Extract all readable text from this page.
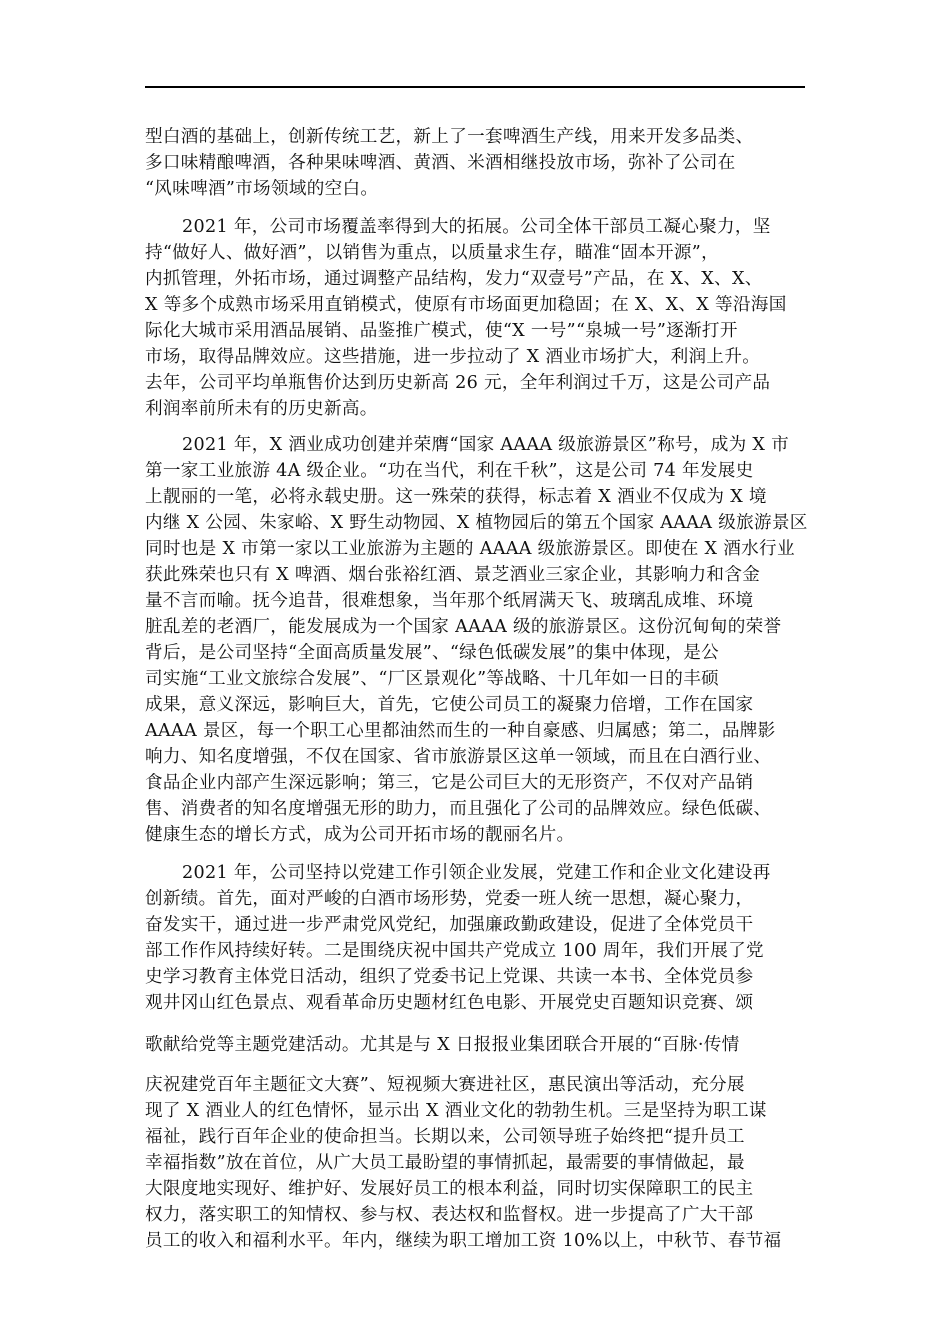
型白酒的基础上，创新传统工艺，新上了一套啤酒生产线，用来开发多品类、
多口味精酿啤酒，各种果味啤酒、黄酒、米酒相继投放市场，弥补了公司在
“风味啤酒”市场领域的空白。
2021 年，公司市场覆盖率得到大的拓展。公司全体干部员工凝心聚力，坚
持“做好人、做好酒”，以销售为重点，以质量求生存，瞄准“固本开源”，
内抓管理，外拓市场，通过调整产品结构，发力“双壹号”产品，在 X、X、X、
X 等多个成熟市场采用直销模式，使原有市场面更加稳固；在 X、X、X 等沿海国
际化大城市采用酒品展销、品鉴推广模式，使“X 一号”“泉城一号”逐渐打开
市场，取得品牌效应。这些措施，进一步拉动了 X 酒业市场扩大，利润上升。
去年，公司平均单瓶售价达到历史新高 26 元，全年利润过千万，这是公司产品
利润率前所未有的历史新高。
2021 年，X 酒业成功创建并荣膺“国家 AAAA 级旅游景区”称号，成为 X 市
第一家工业旅游 4A 级企业。“功在当代，利在千秋”，这是公司 74 年发展史
上靓丽的一笔，必将永载史册。这一殊荣的获得，标志着 X 酒业不仅成为 X 境
内继 X 公园、朱家峪、X 野生动物园、X 植物园后的第五个国家 AAAA 级旅游景区
同时也是 X 市第一家以工业旅游为主题的 AAAA 级旅游景区。即使在 X 酒水行业
获此殊荣也只有 X 啤酒、烟台张裕红酒、景芝酒业三家企业，其影响力和含金
量不言而喻。抚今追昔，很难想象，当年那个纸屑满天飞、玻璃乱成堆、环境
脏乱差的老酒厂，能发展成为一个国家 AAAA 级的旅游景区。这份沉甸甸的荣誉
背后，是公司坚持“全面高质量发展”、“绿色低碳发展”的集中体现，是公
司实施“工业文旅综合发展”、“厂区景观化”等战略、十几年如一日的丰硕
成果，意义深远，影响巨大，首先，它使公司员工的凝聚力倍增，工作在国家
AAAA 景区，每一个职工心里都油然而生的一种自豪感、归属感；第二，品牌影
响力、知名度增强，不仅在国家、省市旅游景区这单一领域，而且在白酒行业、
食品企业内部产生深远影响；第三，它是公司巨大的无形资产，不仅对产品销
售、消费者的知名度增强无形的助力，而且强化了公司的品牌效应。绿色低碳、
健康生态的增长方式，成为公司开拓市场的靓丽名片。
2021 年，公司坚持以党建工作引领企业发展，党建工作和企业文化建设再
创新绩。首先，面对严峻的白酒市场形势，党委一班人统一思想，凝心聚力，
奋发实干，通过进一步严肃党风党纪，加强廉政勤政建设，促进了全体党员干
部工作作风持续好转。二是围绕庆祝中国共产党成立 100 周年，我们开展了党
史学习教育主体党日活动，组织了党委书记上党课、共读一本书、全体党员参
观井冈山红色景点、观看革命历史题材红色电影、开展党史百题知识竞赛、颂
歌献给党等主题党建活动。尤其是与 X 日报报业集团联合开展的“百脉·传情
庆祝建党百年主题征文大赛”、短视频大赛进社区，惠民演出等活动，充分展
现了 X 酒业人的红色情怀，显示出 X 酒业文化的勃勃生机。三是坚持为职工谋
福祉，践行百年企业的使命担当。长期以来，公司领导班子始终把“提升员工
幸福指数”放在首位，从广大员工最盼望的事情抓起，最需要的事情做起，最
大限度地实现好、维护好、发展好员工的根本利益，同时切实保障职工的民主
权力，落实职工的知情权、参与权、表达权和监督权。进一步提高了广大干部
员工的收入和福利水平。年内，继续为职工增加工资 10%以上，中秋节、春节福
